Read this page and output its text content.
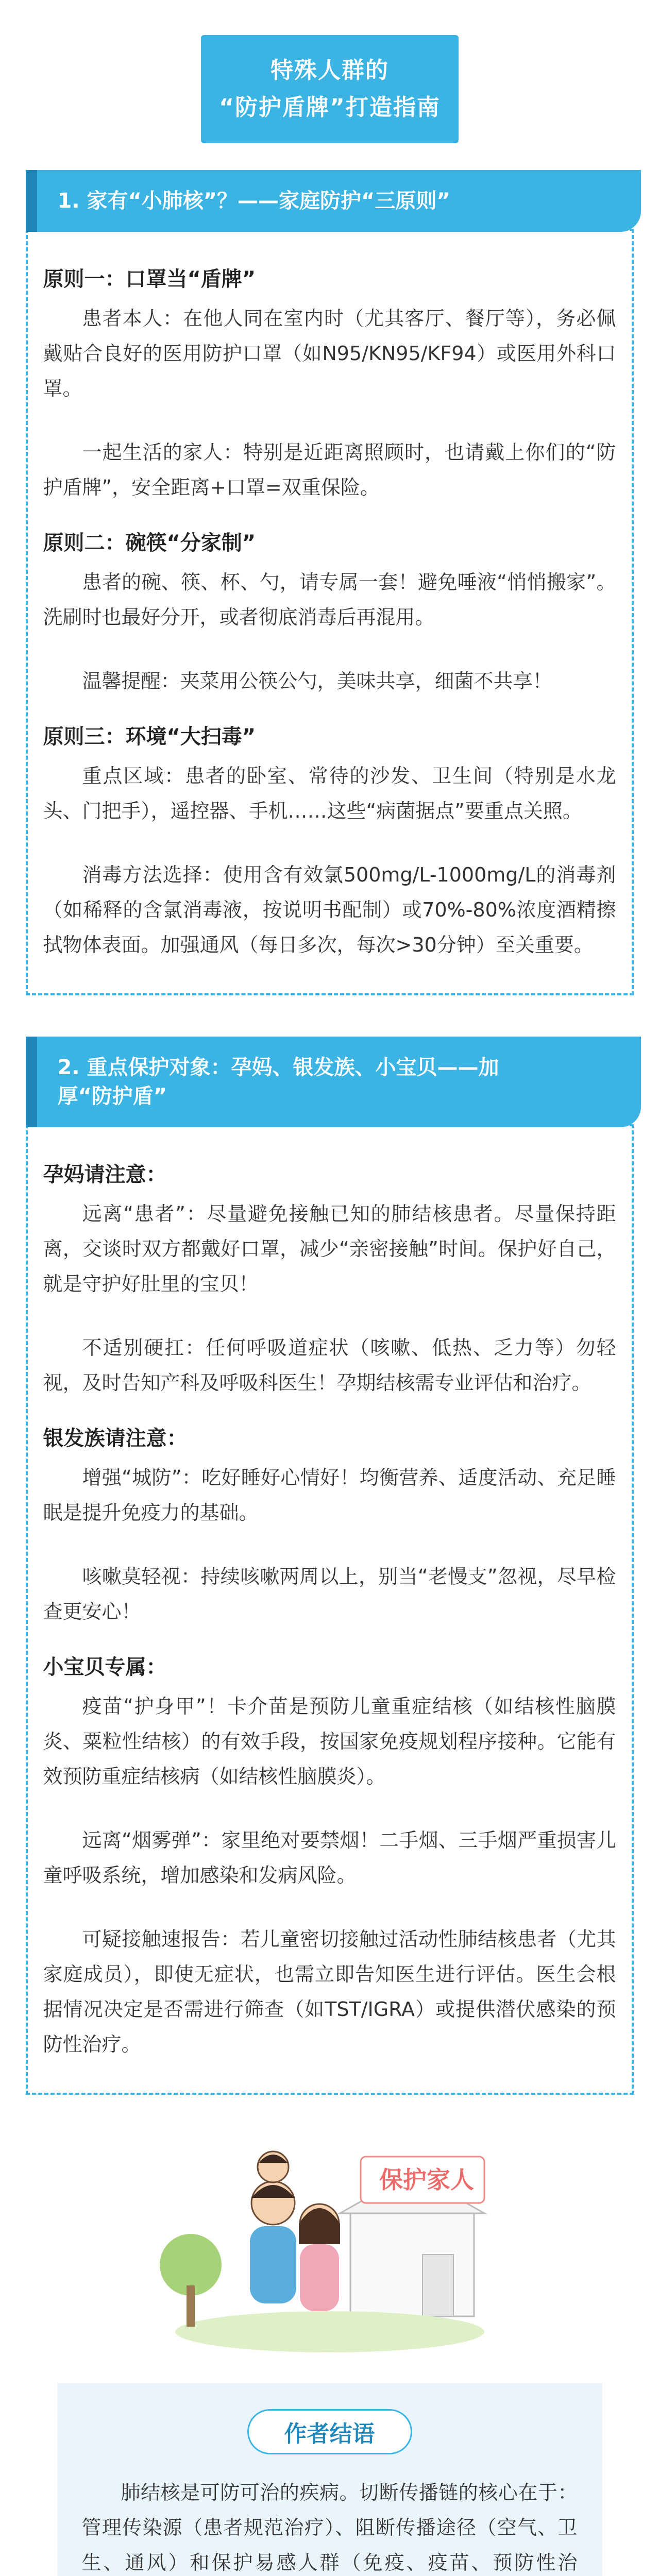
特殊人群的
“防护盾牌”打造指南
1. 家有“小肺核”？——家庭防护“三原则”
原则一：口罩当“盾牌”

患者本人：在他人同在室内时（尤其客厅、餐厅等），务必佩戴贴合良好的医用防护口罩（如N95/KN95/KF94）或医用外科口罩。

一起生活的家人：特别是近距离照顾时，也请戴上你们的“防护盾牌”，安全距离+口罩=双重保险。

原则二：碗筷“分家制”

患者的碗、筷、杯、勺，请专属一套！避免唾液“悄悄搬家”。洗刷时也最好分开，或者彻底消毒后再混用。

温馨提醒：夹菜用公筷公勺，美味共享，细菌不共享！

原则三：环境“大扫毒”

重点区域：患者的卧室、常待的沙发、卫生间（特别是水龙头、门把手），遥控器、手机……这些“病菌据点”要重点关照。

消毒方法选择：使用含有效氯500mg/L-1000mg/L的消毒剂（如稀释的含氯消毒液，按说明书配制）或70%-80%浓度酒精擦拭物体表面。加强通风（每日多次，每次>30分钟）至关重要。

2. 重点保护对象：孕妈、银发族、小宝贝——加
厚“防护盾”
孕妈请注意：

远离“患者”：尽量避免接触已知的肺结核患者。尽量保持距离，交谈时双方都戴好口罩，减少“亲密接触”时间。保护好自己，就是守护好肚里的宝贝！

不适别硬扛：任何呼吸道症状（咳嗽、低热、乏力等）勿轻视，及时告知产科及呼吸科医生！孕期结核需专业评估和治疗。

银发族请注意：

增强“城防”：吃好睡好心情好！均衡营养、适度活动、充足睡眠是提升免疫力的基础。

咳嗽莫轻视：持续咳嗽两周以上，别当“老慢支”忽视，尽早检查更安心！

小宝贝专属：

疫苗“护身甲”！卡介苗是预防儿童重症结核（如结核性脑膜炎、粟粒性结核）的有效手段，按国家免疫规划程序接种。它能有效预防重症结核病（如结核性脑膜炎）。

远离“烟雾弹”：家里绝对要禁烟！二手烟、三手烟严重损害儿童呼吸系统，增加感染和发病风险。

可疑接触速报告：若儿童密切接触过活动性肺结核患者（尤其家庭成员），即使无症状，也需立即告知医生进行评估。医生会根据情况决定是否需进行筛查（如TST/IGRA）或提供潜伏感染的预防性治疗。

保护家人
作者结语

肺结核是可防可治的疾病。切断传播链的核心在于：管理传染源（患者规范治疗）、阻断传播途径（空气、卫生、通风）和保护易感人群（免疫、疫苗、预防性治
